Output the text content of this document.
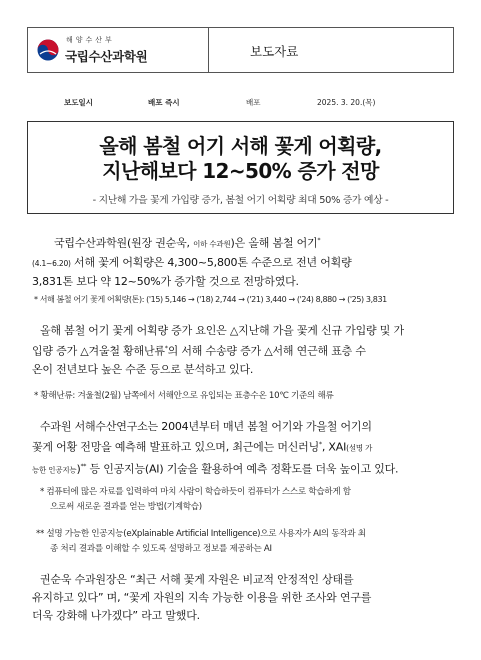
해양수산부
국립수산과학원	보도자료
보도일시	배포 즉시	배포	2025. 3. 20.(목)
올해 봄철 어기 서해 꽃게 어획량,
지난해보다 12~50% 증가 전망
- 지난해 가을 꽃게 가입량 증가, 봄철 어기 어획량 최대 50% 증가 예상 -
국립수산과학원(원장 권순욱, 이하 수과원)은 올해 봄철 어기*
(4.1~6.20) 서해 꽃게 어획량은 4,300~5,800톤 수준으로 전년 어획량
3,831톤 보다 약 12~50%가 증가할 것으로 전망하였다.
* 서해 봄철 어기 꽃게 어획량(톤): ('15) 5,146 → ('18) 2,744 → ('21) 3,440 → ('24) 8,880 → ('25) 3,831
올해 봄철 어기 꽃게 어획량 증가 요인은 △지난해 가을 꽃게 신규 가입량 및 가
입량 증가 △겨울철 황해난류*의 서해 수송량 증가 △서해 연근해 표층 수
온이 전년보다 높은 수준 등으로 분석하고 있다.
* 황해난류: 겨울철(2월) 남쪽에서 서해안으로 유입되는 표층수온 10℃ 기준의 해류
수과원 서해수산연구소는 2004년부터 매년 봄철 어기와 가을철 어기의
꽃게 어황 전망을 예측해 발표하고 있으며, 최근에는 머신러닝*, XAI(설명 가
능한 인공지능)** 등 인공지능(AI) 기술을 활용하여 예측 정확도를 더욱 높이고 있다.
* 컴퓨터에 많은 자료를 입력하여 마치 사람이 학습하듯이 컴퓨터가 스스로 학습하게 함
으로써 새로운 결과를 얻는 방법(기계학습)
** 설명 가능한 인공지능(eXplainable Artificial Intelligence)으로 사용자가 AI의 동작과 최
종 처리 결과를 이해할 수 있도록 설명하고 정보를 제공하는 AI
권순욱 수과원장은 “최근 서해 꽃게 자원은 비교적 안정적인 상태를
유지하고 있다” 며, “꽃게 자원의 지속 가능한 이용을 위한 조사와 연구를
더욱 강화해 나가겠다” 라고 말했다.
